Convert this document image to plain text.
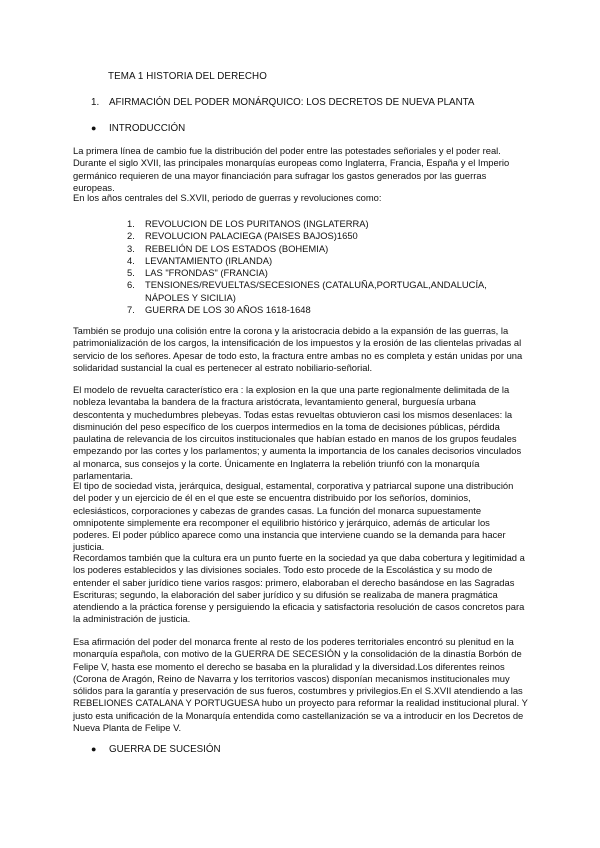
TEMA 1 HISTORIA DEL DERECHO
1. AFIRMACIÓN DEL PODER MONÁRQUICO: LOS DECRETOS DE NUEVA PLANTA
● INTRODUCCIÓN

La primera línea de cambio fue la distribución del poder entre las potestades señoriales y el poder real. Durante el siglo XVII, las principales monarquías europeas como Inglaterra, Francia, España y el Imperio germánico requieren de una mayor financiación para sufragar los gastos generados por las guerras europeas.

En los años centrales del S.XVII, periodo de guerras y revoluciones como:

1.	REVOLUCION DE LOS PURITANOS (INGLATERRA)
2.	REVOLUCION PALACIEGA (PAISES BAJOS)1650
3.	REBELIÓN DE LOS ESTADOS (BOHEMIA)
4.	LEVANTAMIENTO (IRLANDA)
5.	LAS "FRONDAS" (FRANCIA)
6.	TENSIONES/REVUELTAS/SECESIONES (CATALUÑA,PORTUGAL,ANDALUCÍA, NÁPOLES Y SICILIA)
7.	GUERRA DE LOS 30 AÑOS 1618-1648

También se produjo una colisión entre la corona y la aristocracia debido a la expansión de las guerras, la patrimonialización de los cargos, la intensificación de los impuestos y la erosión de las clientelas privadas al servicio de los señores. Apesar de todo esto, la fractura entre ambas no es completa y están unidas por una solidaridad sustancial la cual es pertenecer al estrato nobiliario-señorial.

El modelo de revuelta característico era : la explosion en la que una parte regionalmente delimitada de la nobleza levantaba la bandera de la fractura aristócrata, levantamiento general, burguesía urbana descontenta y muchedumbres plebeyas. Todas estas revueltas obtuvieron casi los mismos desenlaces: la disminución del peso específico de los cuerpos intermedios en la toma de decisiones públicas, pérdida paulatina de relevancia de los circuitos institucionales que habían estado en manos de los grupos feudales empezando por las cortes y los parlamentos; y aumenta la importancia de los canales decisorios vinculados al monarca, sus consejos y la corte. Únicamente en Inglaterra la rebelión triunfó con la monarquía parlamentaria.

El tipo de sociedad vista, jerárquica, desigual, estamental, corporativa y patriarcal supone una distribución del poder y un ejercicio de él en el que este se encuentra distribuido por los señoríos, dominios, eclesiásticos, corporaciones y cabezas de grandes casas. La función del monarca supuestamente omnipotente simplemente era recomponer el equilibrio histórico y jerárquico, además de articular los poderes. El poder público aparece como una instancia que interviene cuando se la demanda para hacer justicia.

Recordamos también que la cultura era un punto fuerte en la sociedad ya que daba cobertura y legitimidad a los poderes establecidos y las divisiones sociales. Todo esto procede de la Escolástica y su modo de entender el saber jurídico tiene varios rasgos: primero, elaboraban el derecho basándose en las Sagradas Escrituras; segundo, la elaboración del saber jurídico y su difusión se realizaba de manera pragmática atendiendo a la práctica forense y persiguiendo la eficacia y satisfactoria resolución de casos concretos para la administración de justicia.

Esa afirmación del poder del monarca frente al resto de los poderes territoriales encontró su plenitud en la monarquía española, con motivo de la GUERRA DE SECESIÓN y la consolidación de la dinastía Borbón de Felipe V, hasta ese momento el derecho se basaba en la pluralidad y la diversidad.Los diferentes reinos (Corona de Aragón, Reino de Navarra y los territorios vascos) disponían mecanismos institucionales muy sólidos para la garantía y preservación de sus fueros, costumbres y privilegios.En el S.XVII atendiendo a las REBELIONES CATALANA Y PORTUGUESA hubo un proyecto para reformar la realidad institucional plural. Y justo esta unificación de la Monarquía entendida como castellanización se va a introducir en los Decretos de Nueva Planta de Felipe V.

● GUERRA DE SUCESIÓN
